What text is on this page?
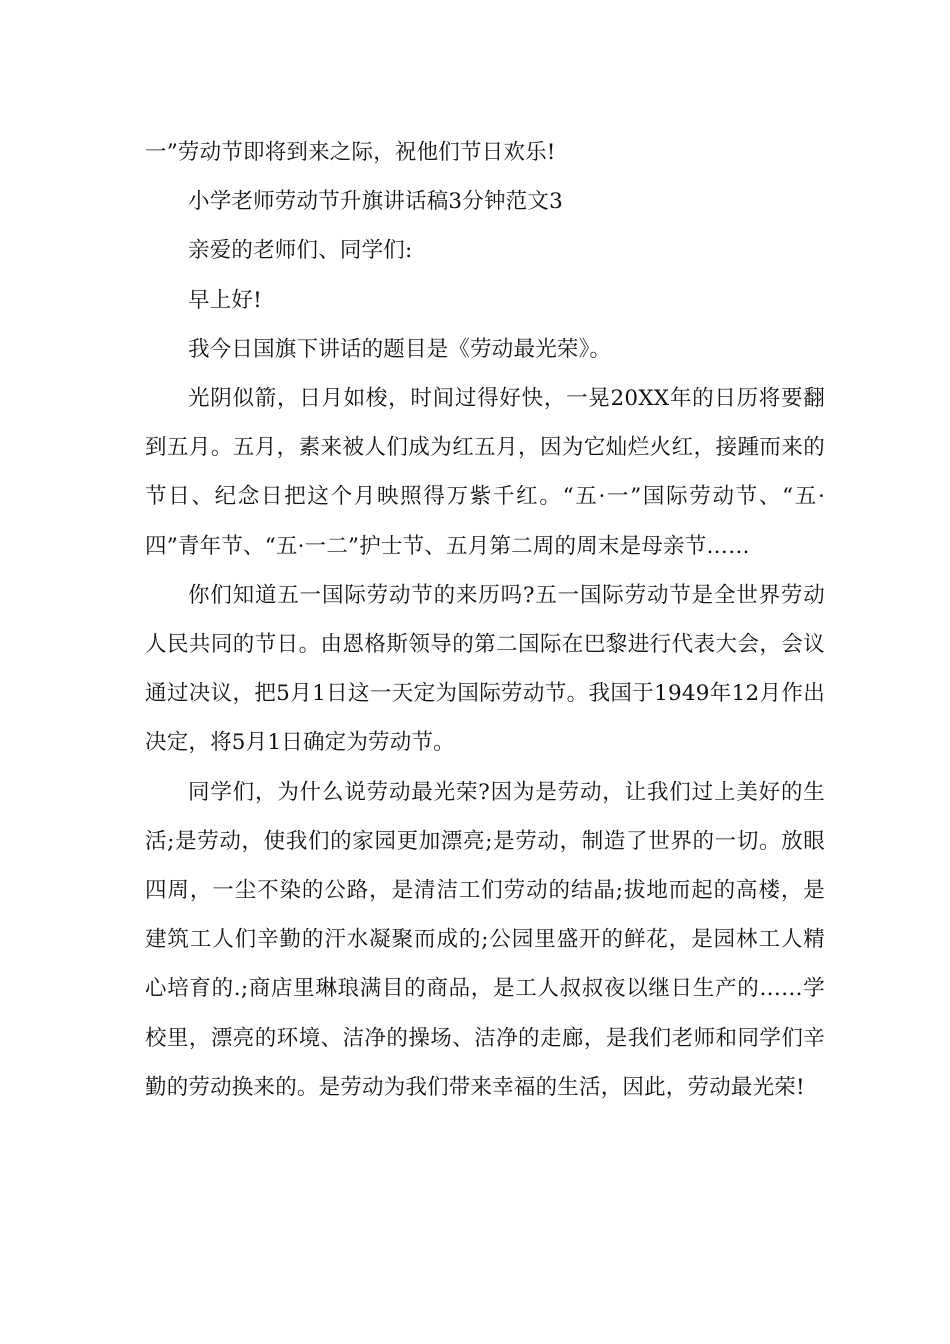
一”劳动节即将到来之际，祝他们节日欢乐!

小学老师劳动节升旗讲话稿3分钟范文3

亲爱的老师们、同学们:

早上好!

我今日国旗下讲话的题目是《劳动最光荣》。

光阴似箭，日月如梭，时间过得好快，一晃20XX年的日历将要翻到五月。五月，素来被人们成为红五月，因为它灿烂火红，接踵而来的节日、纪念日把这个月映照得万紫千红。“五·一”国际劳动节、“五·四”青年节、“五·一二”护士节、五月第二周的周末是母亲节……

你们知道五一国际劳动节的来历吗?五一国际劳动节是全世界劳动人民共同的节日。由恩格斯领导的第二国际在巴黎进行代表大会，会议通过决议，把5月1日这一天定为国际劳动节。我国于1949年12月作出决定，将5月1日确定为劳动节。

同学们，为什么说劳动最光荣?因为是劳动，让我们过上美好的生活;是劳动，使我们的家园更加漂亮;是劳动，制造了世界的一切。放眼四周，一尘不染的公路，是清洁工们劳动的结晶;拔地而起的高楼，是建筑工人们辛勤的汗水凝聚而成的;公园里盛开的鲜花，是园林工人精心培育的.;商店里琳琅满目的商品，是工人叔叔夜以继日生产的……学校里，漂亮的环境、洁净的操场、洁净的走廊，是我们老师和同学们辛勤的劳动换来的。是劳动为我们带来幸福的生活，因此，劳动最光荣!
